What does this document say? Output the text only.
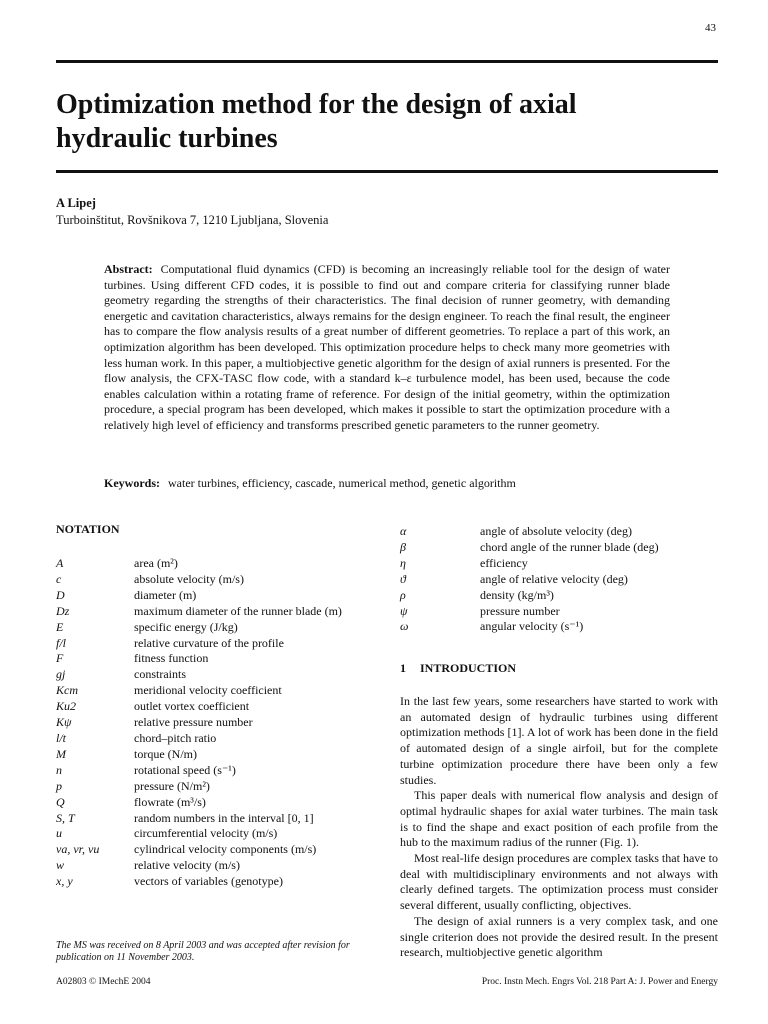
43
Optimization method for the design of axial hydraulic turbines
A Lipej
Turboinštitut, Rovšnikova 7, 1210 Ljubljana, Slovenia
Abstract: Computational fluid dynamics (CFD) is becoming an increasingly reliable tool for the design of water turbines. Using different CFD codes, it is possible to find out and compare criteria for classifying runner blade geometry regarding the strengths of their characteristics. The final decision of runner geometry, with demanding energetic and cavitation characteristics, always remains for the design engineer. To reach the final result, the engineer has to compare the flow analysis results of a great number of different geometries. To replace a part of this work, an optimization algorithm has been developed. This optimization procedure helps to check many more geometries with less human work. In this paper, a multiobjective genetic algorithm for the design of axial runners is presented. For the flow analysis, the CFX-TASC flow code, with a standard k–ε turbulence model, has been used, because the code enables calculation within a rotating frame of reference. For design of the initial geometry, within the optimization procedure, a special program has been developed, which makes it possible to start the optimization procedure with a relatively high level of efficiency and transforms prescribed genetic parameters to the runner geometry.
Keywords: water turbines, efficiency, cascade, numerical method, genetic algorithm
NOTATION
A	area (m²)
c	absolute velocity (m/s)
D	diameter (m)
Dz	maximum diameter of the runner blade (m)
E	specific energy (J/kg)
f/l	relative curvature of the profile
F	fitness function
gj	constraints
Kcm	meridional velocity coefficient
Ku2	outlet vortex coefficient
Kψ	relative pressure number
l/t	chord–pitch ratio
M	torque (N/m)
n	rotational speed (s⁻¹)
p	pressure (N/m²)
Q	flowrate (m³/s)
S, T	random numbers in the interval [0, 1]
u	circumferential velocity (m/s)
va, vr, vu	cylindrical velocity components (m/s)
w	relative velocity (m/s)
x, y	vectors of variables (genotype)
α	angle of absolute velocity (deg)
β	chord angle of the runner blade (deg)
η	efficiency
ϑ	angle of relative velocity (deg)
ρ	density (kg/m³)
ψ	pressure number
ω	angular velocity (s⁻¹)
1 INTRODUCTION

In the last few years, some researchers have started to work with an automated design of hydraulic turbines using different optimization methods [1]. A lot of work has been done in the field of automated design of a single airfoil, but for the complete turbine optimization procedure there have been only a few studies.

This paper deals with numerical flow analysis and design of optimal hydraulic shapes for axial water turbines. The main task is to find the shape and exact position of each profile from the hub to the maximum radius of the runner (Fig. 1).

Most real-life design procedures are complex tasks that have to deal with multidisciplinary environments and not always with clearly defined targets. The optimization process must consider several different, usually conflicting, objectives.

The design of axial runners is a very complex task, and one single criterion does not provide the desired result. In the present research, multiobjective genetic algorithm

The MS was received on 8 April 2003 and was accepted after revision for publication on 11 November 2003.
A02803 © IMechE 2004	Proc. Instn Mech. Engrs Vol. 218 Part A: J. Power and Energy
